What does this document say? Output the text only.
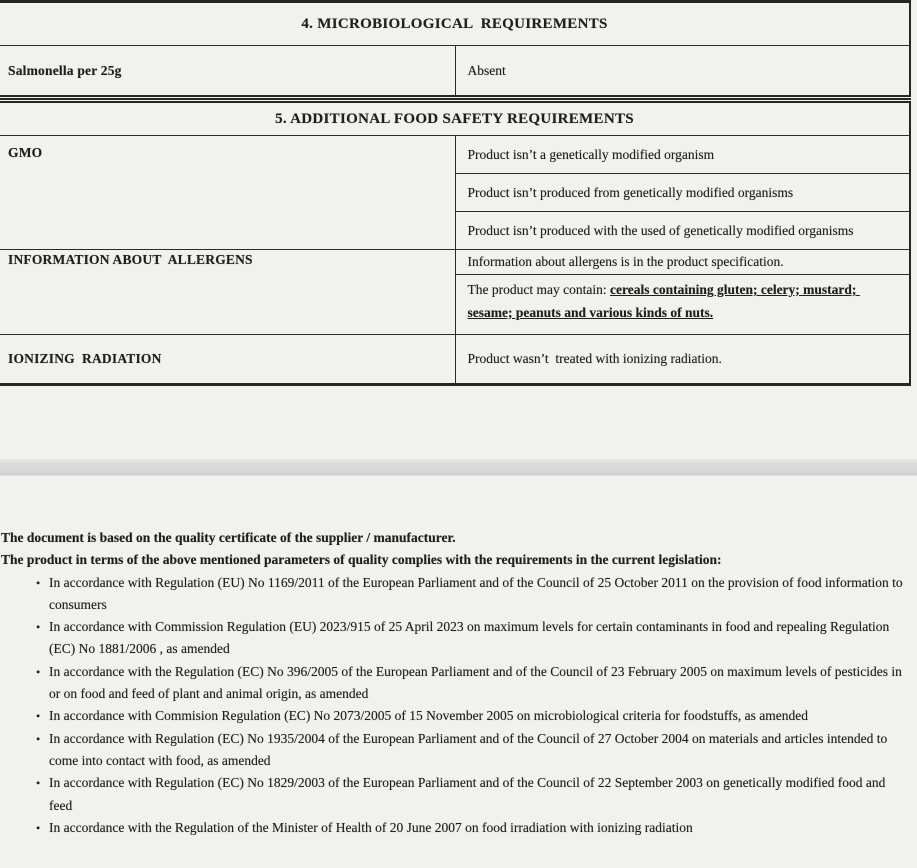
4. MICROBIOLOGICAL  REQUIREMENTS
Salmonella per 25g	Absent
5. ADDITIONAL FOOD SAFETY REQUIREMENTS	
GMO	Product isn’t a genetically modified organism
	Product isn’t produced from genetically modified organisms
	Product isn’t produced with the used of genetically modified organisms
INFORMATION ABOUT  ALLERGENS	Information about allergens is in the product specification.
	The product may contain: cereals containing gluten; celery; mustard; sesame; peanuts and various kinds of nuts.
IONIZING  RADIATION	Product wasn’t  treated with ionizing radiation.

The document is based on the quality certificate of the supplier / manufacturer.

The product in terms of the above mentioned parameters of quality complies with the requirements in the current legislation:

• In accordance with Regulation (EU) No 1169/2011 of the European Parliament and of the Council of 25 October 2011 on the provision of food information to consumers
• In accordance with Commission Regulation (EU) 2023/915 of 25 April 2023 on maximum levels for certain contaminants in food and repealing Regulation (EC) No 1881/2006 , as amended
• In accordance with the Regulation (EC) No 396/2005 of the European Parliament and of the Council of 23 February 2005 on maximum levels of pesticides in or on food and feed of plant and animal origin, as amended
• In accordance with Commision Regulation (EC) No 2073/2005 of 15 November 2005 on microbiological criteria for foodstuffs, as amended
• In accordance with Regulation (EC) No 1935/2004 of the European Parliament and of the Council of 27 October 2004 on materials and articles intended to come into contact with food, as amended
• In accordance with Regulation (EC) No 1829/2003 of the European Parliament and of the Council of 22 September 2003 on genetically modified food and feed
• In accordance with the Regulation of the Minister of Health of 20 June 2007 on food irradiation with ionizing radiation
